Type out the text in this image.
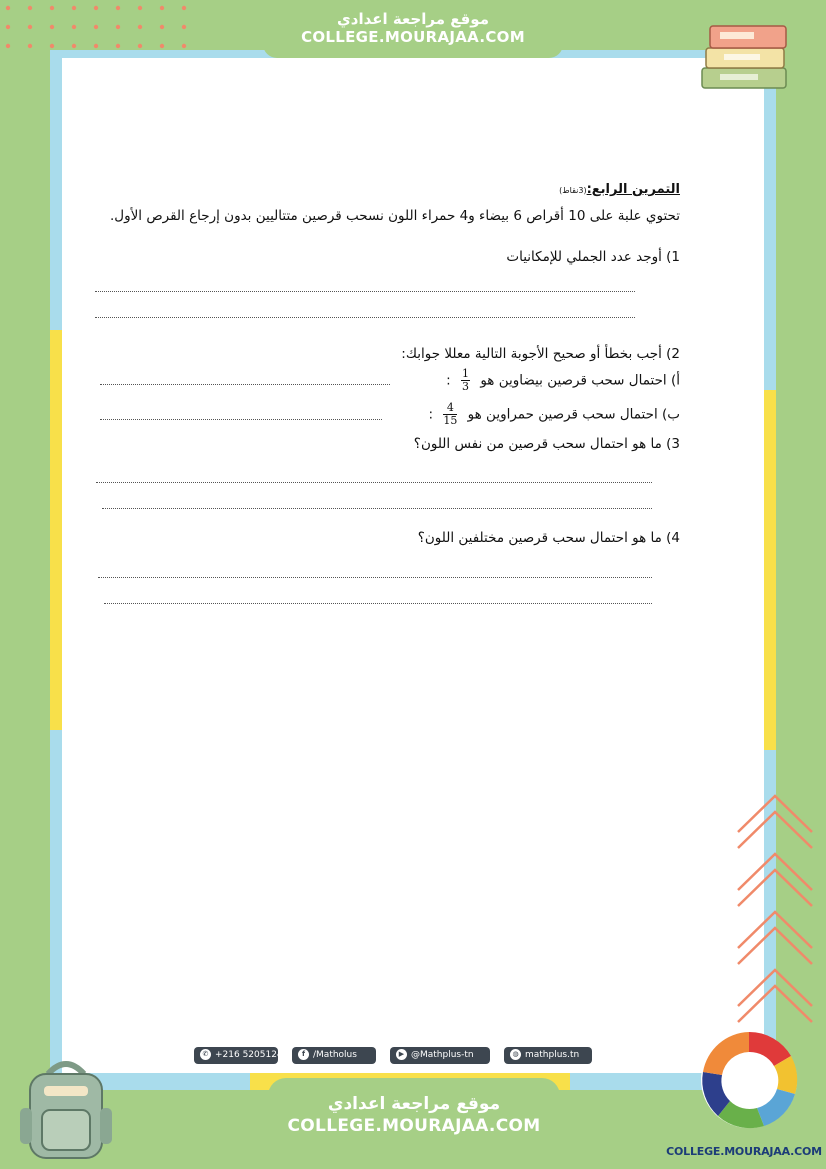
موقع مراجعة اعدادي
COLLEGE.MOURAJAA.COM
التمرين الرابع:(3نقاط)
تحتوي علبة على 10 أقراص 6 بيضاء و4 حمراء اللون نسحب قرصين متتاليين بدون إرجاع القرص الأول.
1) أوجد عدد الجملي للإمكانيات
2) أجب بخطأ أو صحيح الأجوبة التالية معللا جوابك:
أ) احتمال سحب قرصين بيضاوين هو
$\frac{1}{3}$
:
ب) احتمال سحب قرصين حمراوين هو
$\frac{4}{15}$
:
3) ما هو احتمال سحب قرصين من نفس اللون؟
4) ما هو احتمال سحب قرصين مختلفين اللون؟
✆ +216 52051249	f /Matholus	▶ @Mathplus-tn	◍ mathplus.tn
موقع مراجعة اعدادي
COLLEGE.MOURAJAA.COM
COLLEGE.MOURAJAA.COM
